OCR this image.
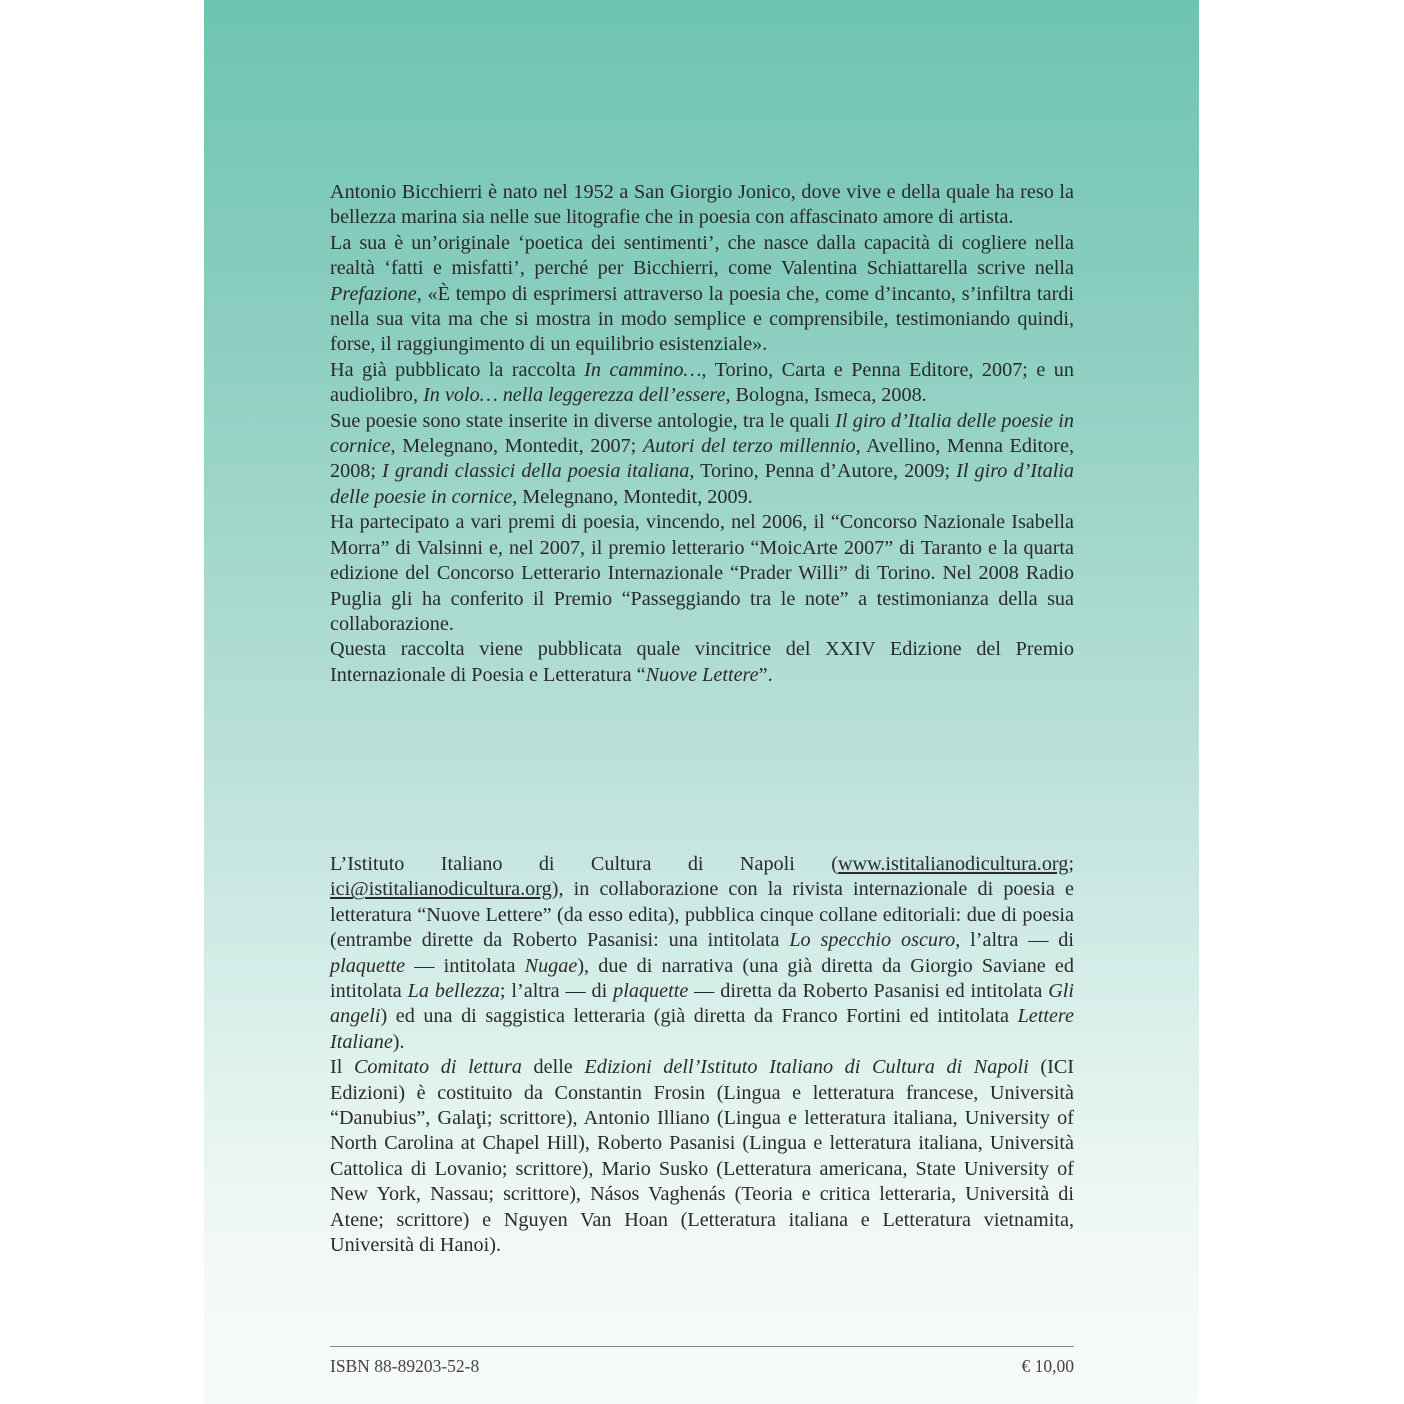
Antonio Bicchierri è nato nel 1952 a San Giorgio Jonico, dove vive e della quale ha reso la bellezza marina sia nelle sue litografie che in poesia con affascinato amore di artista.

La sua è un’originale ‘poetica dei sentimenti’, che nasce dalla capacità di cogliere nella realtà ‘fatti e misfatti’, perché per Bicchierri, come Valentina Schiattarella scrive nella Prefazione, «È tempo di esprimersi attraverso la poesia che, come d’incanto, s’infiltra tardi nella sua vita ma che si mostra in modo semplice e comprensibile, testimoniando quindi, forse, il raggiungimento di un equilibrio esistenziale».

Ha già pubblicato la raccolta In cammino…, Torino, Carta e Penna Editore, 2007; e un audiolibro, In volo… nella leggerezza dell’essere, Bologna, Ismeca, 2008.

Sue poesie sono state inserite in diverse antologie, tra le quali Il giro d’Italia delle poesie in cornice, Melegnano, Montedit, 2007; Autori del terzo millennio, Avellino, Menna Editore, 2008; I grandi classici della poesia italiana, Torino, Penna d’Autore, 2009; Il giro d’Italia delle poesie in cornice, Melegnano, Montedit, 2009.

Ha partecipato a vari premi di poesia, vincendo, nel 2006, il “Concorso Nazionale Isabella Morra” di Valsinni e, nel 2007, il premio letterario “MoicArte 2007” di Taranto e la quarta edizione del Concorso Letterario Internazionale “Prader Willi” di Torino. Nel 2008 Radio Puglia gli ha conferito il Premio “Passeggiando tra le note” a testimonianza della sua collaborazione.

Questa raccolta viene pubblicata quale vincitrice del XXIV Edizione del Premio Internazionale di Poesia e Letteratura “Nuove Lettere”.

L’Istituto Italiano di Cultura di Napoli (www.istitalianodicultura.org; ici@istitalianodicultura.org), in collaborazione con la rivista internazionale di poesia e letteratura “Nuove Lettere” (da esso edita), pubblica cinque collane editoriali: due di poesia (entrambe dirette da Roberto Pasanisi: una intitolata Lo specchio oscuro, l’altra — di plaquette — intitolata Nugae), due di narrativa (una già diretta da Giorgio Saviane ed intitolata La bellezza; l’altra — di plaquette — diretta da Roberto Pasanisi ed intitolata Gli angeli) ed una di saggistica letteraria (già diretta da Franco Fortini ed intitolata Lettere Italiane).

Il Comitato di lettura delle Edizioni dell’Istituto Italiano di Cultura di Napoli (ICI Edizioni) è costituito da Constantin Frosin (Lingua e letteratura francese, Università “Danubius”, Galaţi; scrittore), Antonio Illiano (Lingua e letteratura italiana, University of North Carolina at Chapel Hill), Roberto Pasanisi (Lingua e letteratura italiana, Università Cattolica di Lovanio; scrittore), Mario Susko (Letteratura americana, State University of New York, Nassau; scrittore), Násos Vaghenás (Teoria e critica letteraria, Università di Atene; scrittore) e Nguyen Van Hoan (Letteratura italiana e Letteratura vietnamita, Università di Hanoi).

ISBN 88-89203-52-8	€ 10,00
